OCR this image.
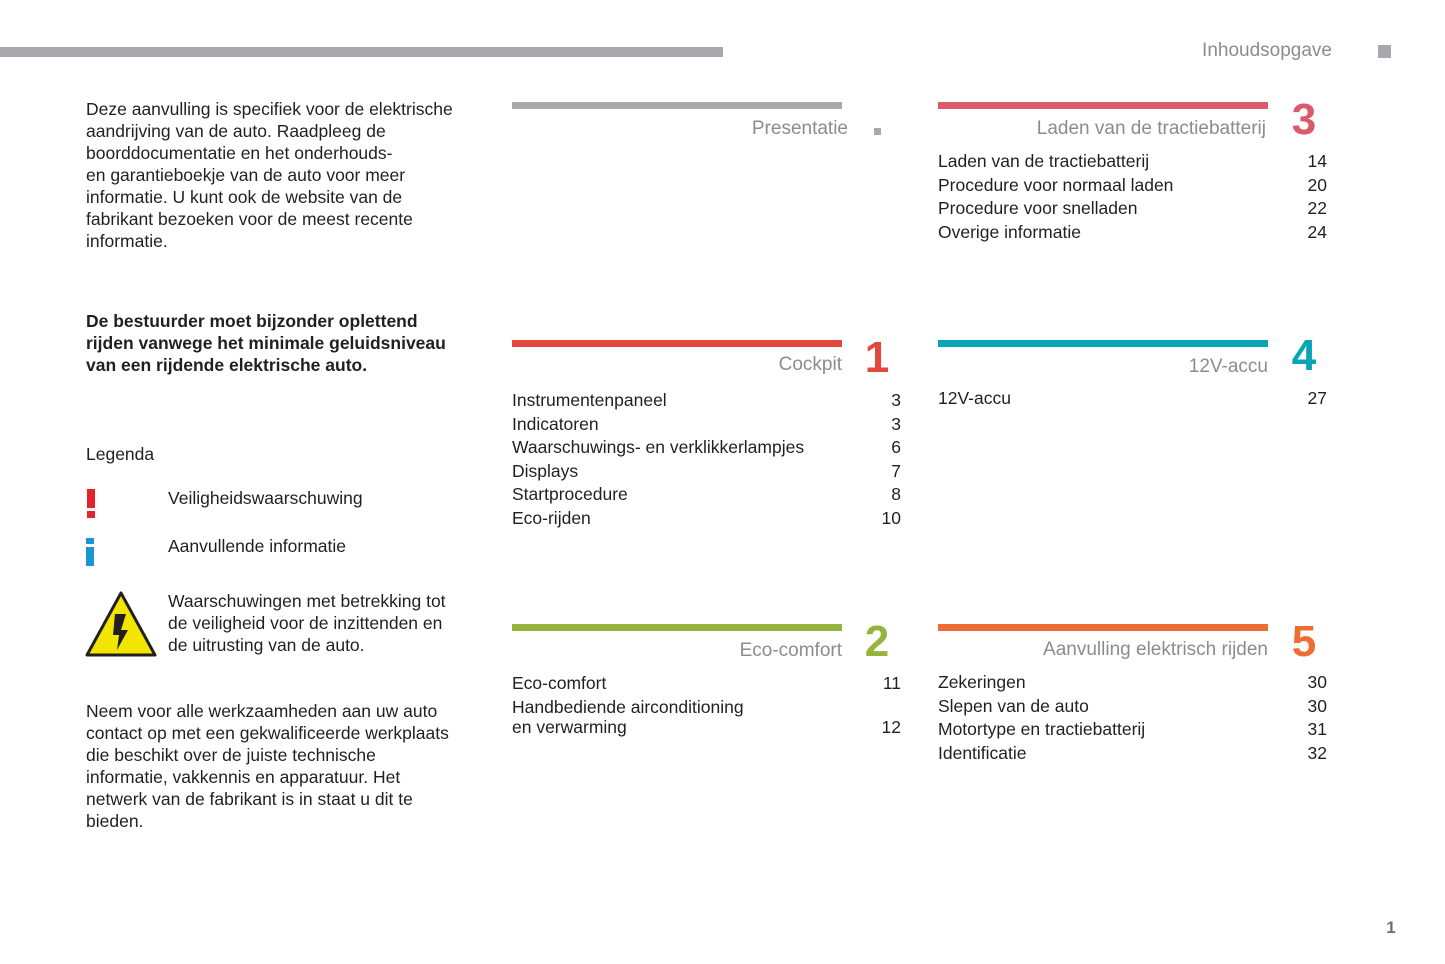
Inhoudsopgave
1
Deze aanvulling is specifiek voor de elektrische
aandrijving van de auto. Raadpleeg de
boorddocumentatie en het onderhouds-
en garantieboekje van de auto voor meer
informatie. U kunt ook de website van de
fabrikant bezoeken voor de meest recente
informatie.
De bestuurder moet bijzonder oplettend
rijden vanwege het minimale geluidsniveau
van een rijdende elektrische auto.
Legenda
Veiligheidswaarschuwing
Aanvullende informatie
Waarschuwingen met betrekking tot
de veiligheid voor de inzittenden en
de uitrusting van de auto.
Neem voor alle werkzaamheden aan uw auto
contact op met een gekwalificeerde werkplaats
die beschikt over de juiste technische
informatie, vakkennis en apparatuur. Het
netwerk van de fabrikant is in staat u dit te
bieden.
Presentatie
Cockpit 1
Instrumentenpaneel	3
Indicatoren	3
Waarschuwings- en verklikkerlampjes	6
Displays	7
Startprocedure	8
Eco-rijden	10
Eco-comfort 2
Eco-comfort	11
Handbediende airconditioning
en verwarming	12
Laden van de tractiebatterij 3
Laden van de tractiebatterij	14
Procedure voor normaal laden	20
Procedure voor snelladen	22
Overige informatie	24
12V-accu 4
12V-accu	27
Aanvulling elektrisch rijden 5
Zekeringen	30
Slepen van de auto	30
Motortype en tractiebatterij	31
Identificatie	32
